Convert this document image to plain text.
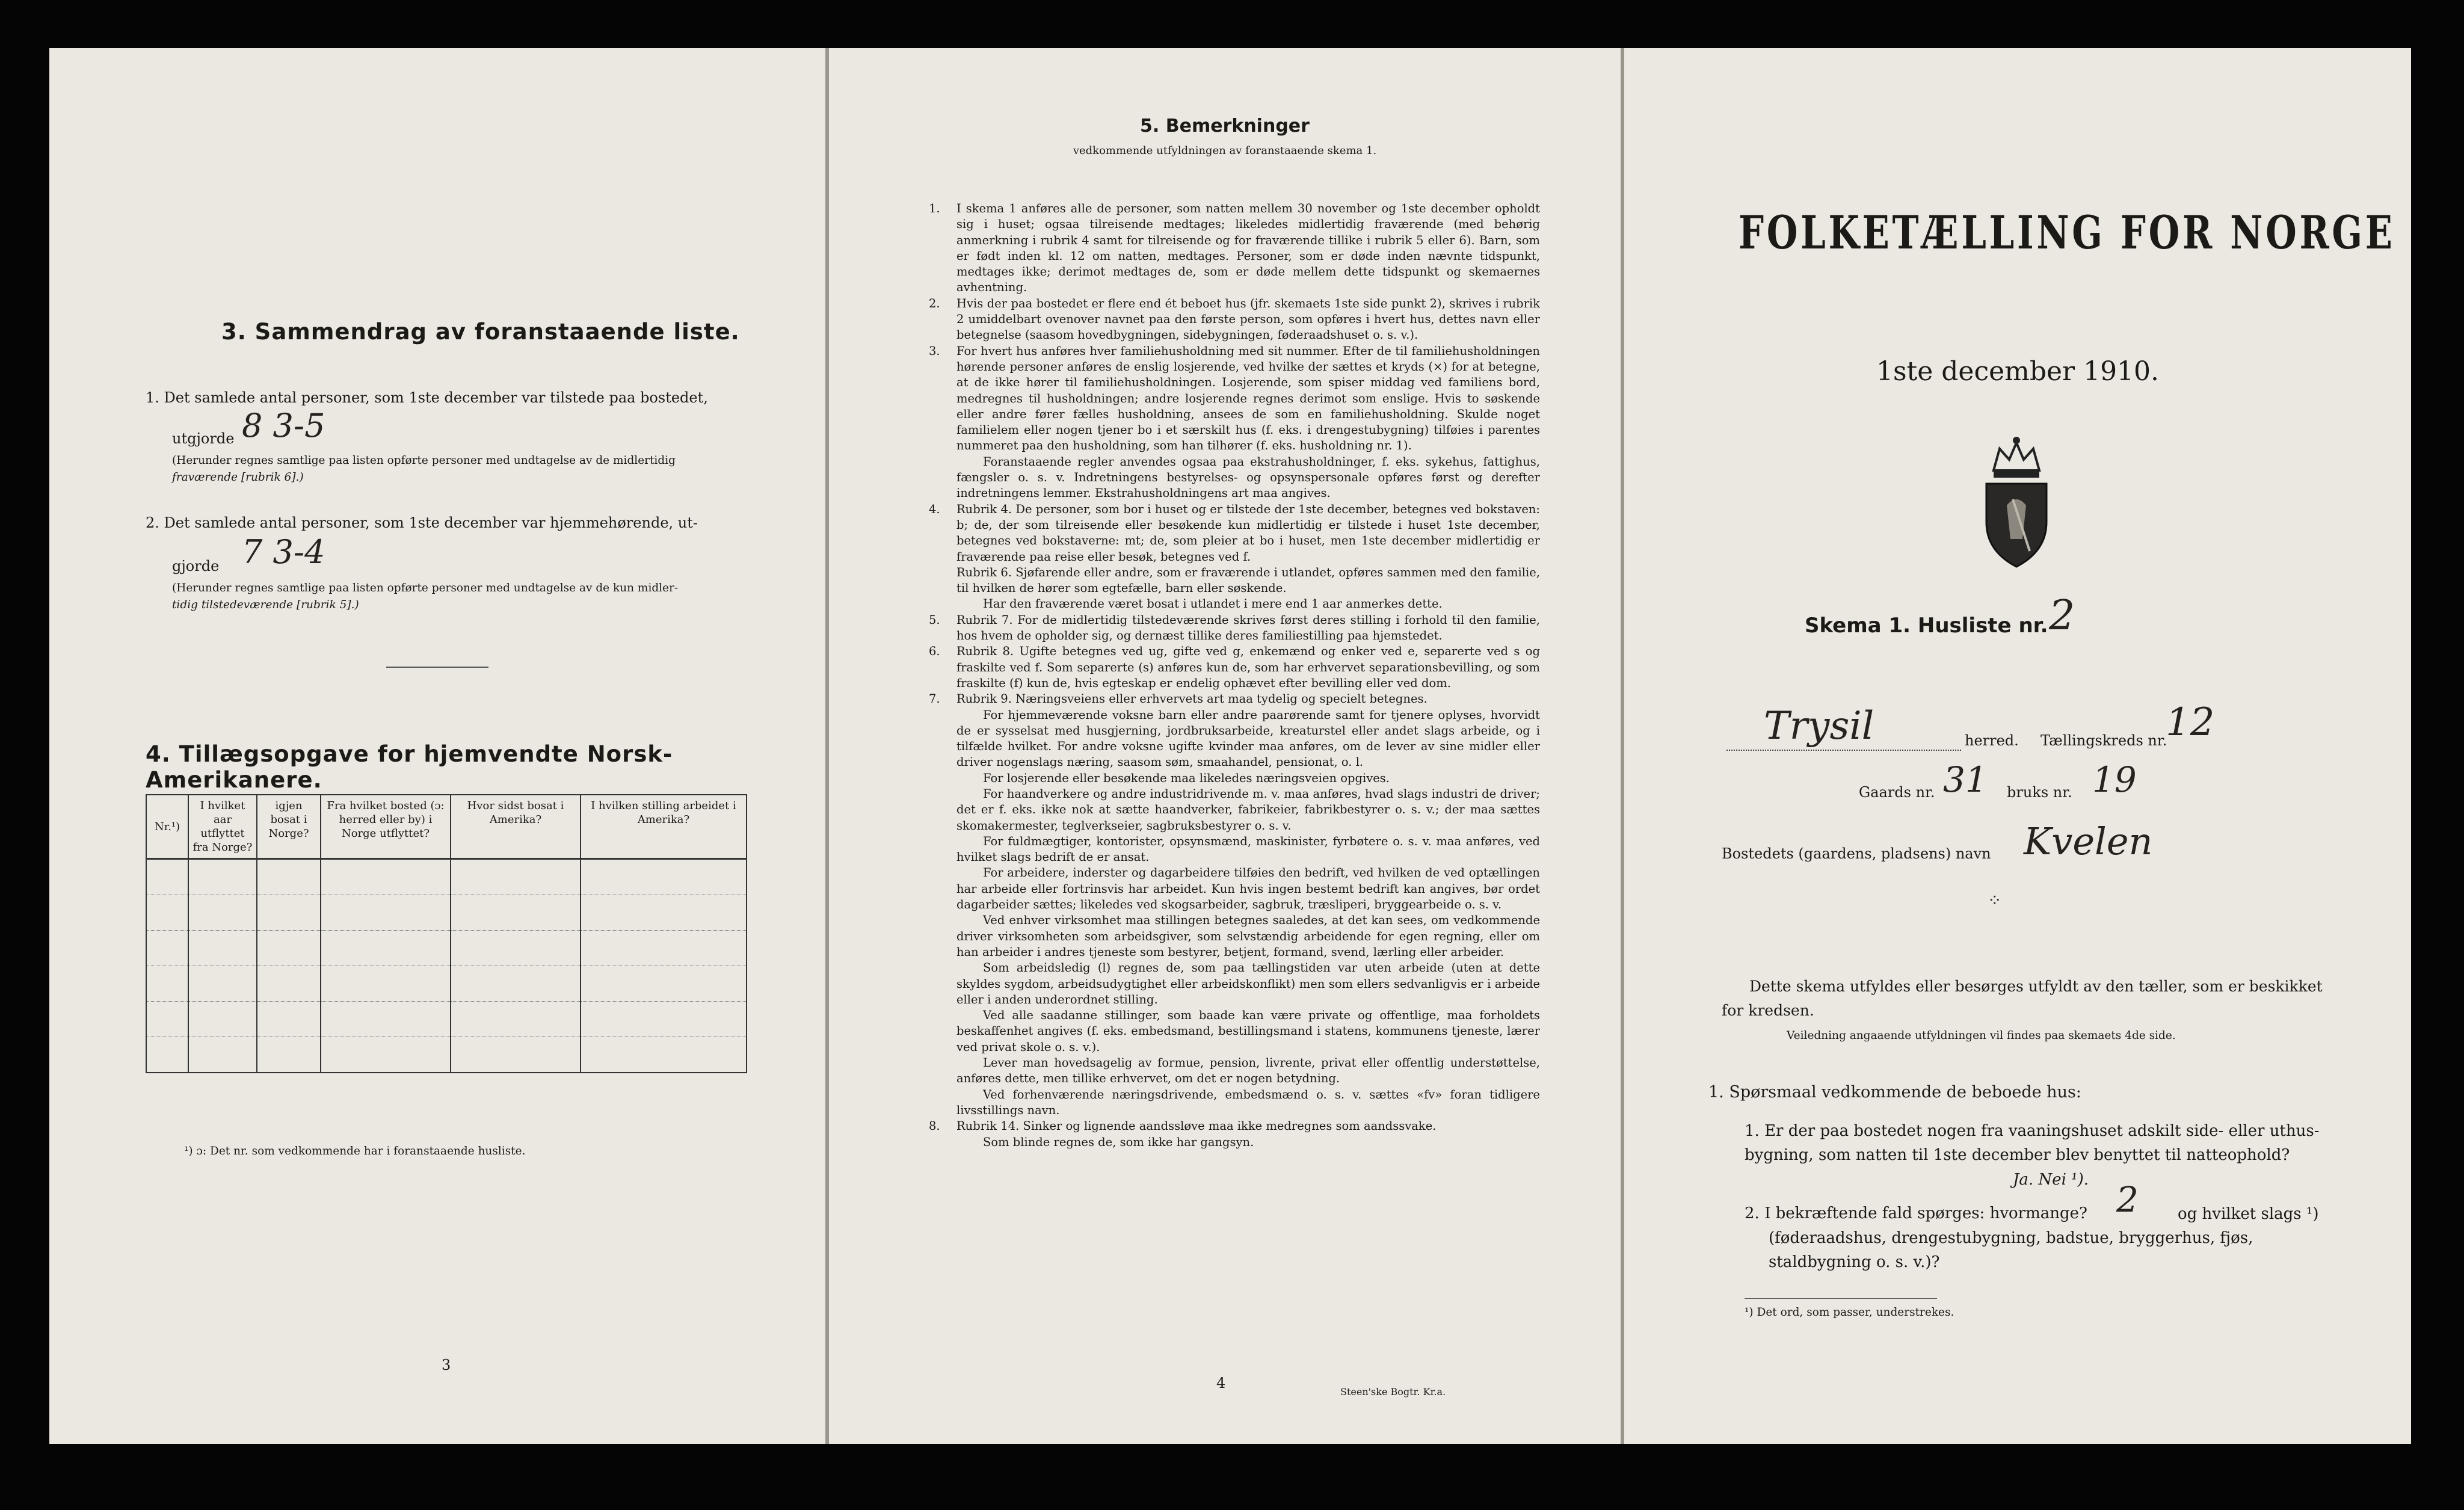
3. Sammendrag av foranstaaende liste.
1. Det samlede antal personer, som 1ste december var tilstede paa bostedet,
utgjorde 8 3-5
(Herunder regnes samtlige paa listen opførte personer med undtagelse av de midlertidig
fraværende [rubrik 6].)
2. Det samlede antal personer, som 1ste december var hjemmehørende, ut-
gjorde 7 3-4
(Herunder regnes samtlige paa listen opførte personer med undtagelse av de kun midler-
tidig tilstedeværende [rubrik 5].)
4. Tillægsopgave for hjemvendte Norsk-Amerikanere.
Nr.¹)	I hvilket aar utflyttet fra Norge?	igjen bosat i Norge?	Fra hvilket bosted (ɔ: herred eller by) i Norge utflyttet?	Hvor sidst bosat i Amerika?	I hvilken stilling arbeidet i Amerika?

¹) ɔ: Det nr. som vedkommende har i foranstaaende husliste.
3
5. Bemerkninger
vedkommende utfyldningen av foranstaaende skema 1.
1. I skema 1 anføres alle de personer, som natten mellem 30 november og 1ste december opholdt sig i huset; ogsaa tilreisende medtages; likeledes midlertidig fraværende (med behørig anmerkning i rubrik 4 samt for tilreisende og for fraværende tillike i rubrik 5 eller 6). Barn, som er født inden kl. 12 om natten, medtages. Personer, som er døde inden nævnte tidspunkt, medtages ikke; derimot medtages de, som er døde mellem dette tidspunkt og skemaernes avhentning.
2. Hvis der paa bostedet er flere end ét beboet hus (jfr. skemaets 1ste side punkt 2), skrives i rubrik 2 umiddelbart ovenover navnet paa den første person, som opføres i hvert hus, dettes navn eller betegnelse (saasom hovedbygningen, sidebygningen, føderaadshuset o. s. v.).
3. For hvert hus anføres hver familiehusholdning med sit nummer. Efter de til familiehusholdningen hørende personer anføres de enslig losjerende, ved hvilke der sættes et kryds (×) for at betegne, at de ikke hører til familiehusholdningen. Losjerende, som spiser middag ved familiens bord, medregnes til husholdningen; andre losjerende regnes derimot som enslige. Hvis to søskende eller andre fører fælles husholdning, ansees de som en familiehusholdning. Skulde noget familielem eller nogen tjener bo i et særskilt hus (f. eks. i drengestubygning) tilføies i parentes nummeret paa den husholdning, som han tilhører (f. eks. husholdning nr. 1).
Foranstaaende regler anvendes ogsaa paa ekstrahusholdninger, f. eks. sykehus, fattighus, fængsler o. s. v. Indretningens bestyrelses- og opsynspersonale opføres først og derefter indretningens lemmer. Ekstrahusholdningens art maa angives.
4. Rubrik 4. De personer, som bor i huset og er tilstede der 1ste december, betegnes ved bokstaven: b; de, der som tilreisende eller besøkende kun midlertidig er tilstede i huset 1ste december, betegnes ved bokstaverne: mt; de, som pleier at bo i huset, men 1ste december midlertidig er fraværende paa reise eller besøk, betegnes ved f.
Rubrik 6. Sjøfarende eller andre, som er fraværende i utlandet, opføres sammen med den familie, til hvilken de hører som egtefælle, barn eller søskende.
Har den fraværende været bosat i utlandet i mere end 1 aar anmerkes dette.
5. Rubrik 7. For de midlertidig tilstedeværende skrives først deres stilling i forhold til den familie, hos hvem de opholder sig, og dernæst tillike deres familiestilling paa hjemstedet.
6. Rubrik 8. Ugifte betegnes ved ug, gifte ved g, enkemænd og enker ved e, separerte ved s og fraskilte ved f. Som separerte (s) anføres kun de, som har erhvervet separationsbevilling, og som fraskilte (f) kun de, hvis egteskap er endelig ophævet efter bevilling eller ved dom.
7. Rubrik 9. Næringsveiens eller erhvervets art maa tydelig og specielt betegnes.
For hjemmeværende voksne barn eller andre paarørende samt for tjenere oplyses, hvorvidt de er sysselsat med husgjerning, jordbruksarbeide, kreaturstel eller andet slags arbeide, og i tilfælde hvilket. For andre voksne ugifte kvinder maa anføres, om de lever av sine midler eller driver nogenslags næring, saasom søm, smaahandel, pensionat, o. l.
For losjerende eller besøkende maa likeledes næringsveien opgives.
For haandverkere og andre industridrivende m. v. maa anføres, hvad slags industri de driver; det er f. eks. ikke nok at sætte haandverker, fabrikeier, fabrikbestyrer o. s. v.; der maa sættes skomakermester, teglverkseier, sagbruksbestyrer o. s. v.
For fuldmægtiger, kontorister, opsynsmænd, maskinister, fyrbøtere o. s. v. maa anføres, ved hvilket slags bedrift de er ansat.
For arbeidere, inderster og dagarbeidere tilføies den bedrift, ved hvilken de ved optællingen har arbeide eller fortrinsvis har arbeidet. Kun hvis ingen bestemt bedrift kan angives, bør ordet dagarbeider sættes; likeledes ved skogsarbeider, sagbruk, træsliperi, bryggearbeide o. s. v.
Ved enhver virksomhet maa stillingen betegnes saaledes, at det kan sees, om vedkommende driver virksomheten som arbeidsgiver, som selvstændig arbeidende for egen regning, eller om han arbeider i andres tjeneste som bestyrer, betjent, formand, svend, lærling eller arbeider.
Som arbeidsledig (l) regnes de, som paa tællingstiden var uten arbeide (uten at dette skyldes sygdom, arbeidsudygtighet eller arbeidskonflikt) men som ellers sedvanligvis er i arbeide eller i anden underordnet stilling.
Ved alle saadanne stillinger, som baade kan være private og offentlige, maa forholdets beskaffenhet angives (f. eks. embedsmand, bestillingsmand i statens, kommunens tjeneste, lærer ved privat skole o. s. v.).
Lever man hovedsagelig av formue, pension, livrente, privat eller offentlig understøttelse, anføres dette, men tillike erhvervet, om det er nogen betydning.
Ved forhenværende næringsdrivende, embedsmænd o. s. v. sættes «fv» foran tidligere livsstillings navn.
8. Rubrik 14. Sinker og lignende aandssløve maa ikke medregnes som aandssvake.
Som blinde regnes de, som ikke har gangsyn.
4
Steen'ske Bogtr. Kr.a.
FOLKETÆLLING FOR NORGE
1ste december 1910.
Skema 1. Husliste nr. 2
Trysil	herred. Tællingskreds nr.
12
Gaards nr. 31 bruks nr. 19
Bostedets (gaardens, pladsens) navn Kvelen
⁘
Dette skema utfyldes eller besørges utfyldt av den tæller, som er beskikket for kredsen.
Veiledning angaaende utfyldningen vil findes paa skemaets 4de side.
1. Spørsmaal vedkommende de beboede hus:
1. Er der paa bostedet nogen fra vaaningshuset adskilt side- eller uthus-bygning, som natten til 1ste december blev benyttet til natteophold?
Ja. Nei ¹).
2. I bekræftende fald spørges: hvormange? 2	og hvilket slags ¹) (føderaadshus, drengestubygning, badstue, bryggerhus, fjøs, staldbygning o. s. v.)?
¹) Det ord, som passer, understrekes.
